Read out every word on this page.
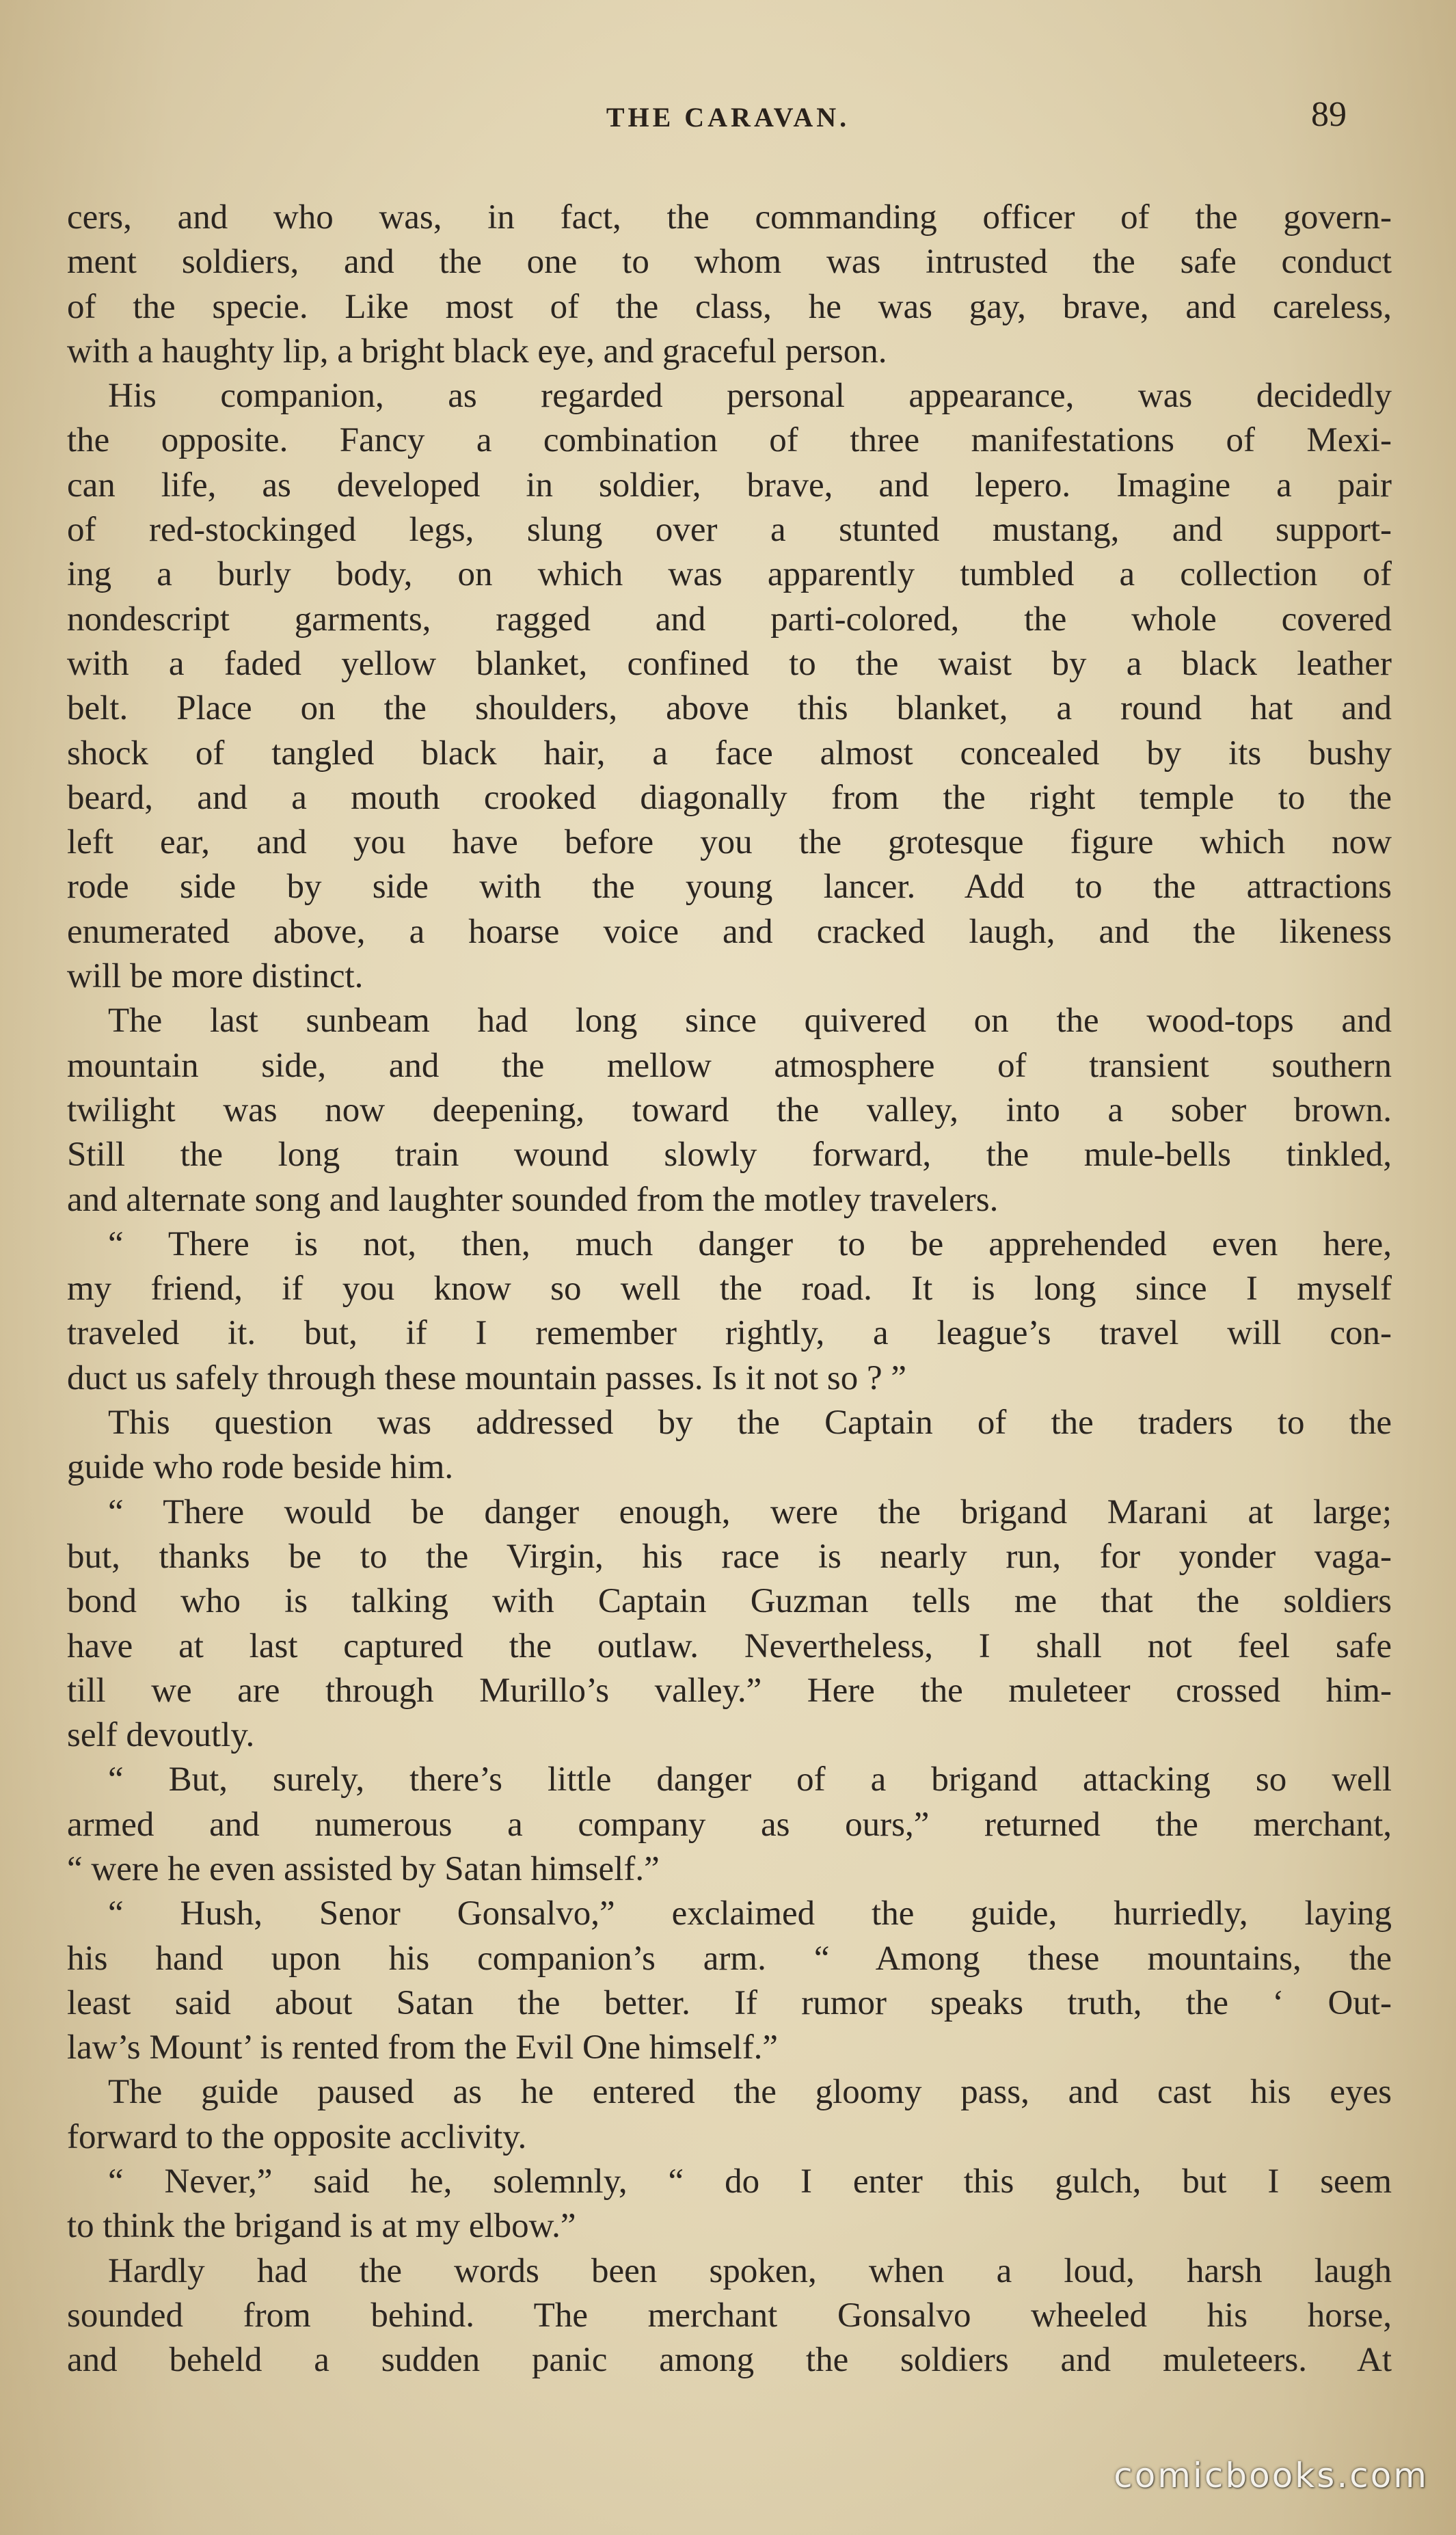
THE CARAVAN.	89
cers, and who was, in fact, the commanding officer of the govern-
ment soldiers, and the one to whom was intrusted the safe conduct
of the specie. Like most of the class, he was gay, brave, and careless,
with a haughty lip, a bright black eye, and graceful person.
His companion, as regarded personal appearance, was decidedly
the opposite. Fancy a combination of three manifestations of Mexi-
can life, as developed in soldier, brave, and lepero. Imagine a pair
of red-stockinged legs, slung over a stunted mustang, and support-
ing a burly body, on which was apparently tumbled a collection of
nondescript garments, ragged and parti-colored, the whole covered
with a faded yellow blanket, confined to the waist by a black leather
belt. Place on the shoulders, above this blanket, a round hat and
shock of tangled black hair, a face almost concealed by its bushy
beard, and a mouth crooked diagonally from the right temple to the
left ear, and you have before you the grotesque figure which now
rode side by side with the young lancer. Add to the attractions
enumerated above, a hoarse voice and cracked laugh, and the likeness
will be more distinct.
The last sunbeam had long since quivered on the wood-tops and
mountain side, and the mellow atmosphere of transient southern
twilight was now deepening, toward the valley, into a sober brown.
Still the long train wound slowly forward, the mule-bells tinkled,
and alternate song and laughter sounded from the motley travelers.
“ There is not, then, much danger to be apprehended even here,
my friend, if you know so well the road. It is long since I myself
traveled it. but, if I remember rightly, a league’s travel will con-
duct us safely through these mountain passes. Is it not so ? ”
This question was addressed by the Captain of the traders to the
guide who rode beside him.
“ There would be danger enough, were the brigand Marani at large;
but, thanks be to the Virgin, his race is nearly run, for yonder vaga-
bond who is talking with Captain Guzman tells me that the soldiers
have at last captured the outlaw. Nevertheless, I shall not feel safe
till we are through Murillo’s valley.” Here the muleteer crossed him-
self devoutly.
“ But, surely, there’s little danger of a brigand attacking so well
armed and numerous a company as ours,” returned the merchant,
“ were he even assisted by Satan himself.”
“ Hush, Senor Gonsalvo,” exclaimed the guide, hurriedly, laying
his hand upon his companion’s arm. “ Among these mountains, the
least said about Satan the better. If rumor speaks truth, the ‘ Out-
law’s Mount’ is rented from the Evil One himself.”
The guide paused as he entered the gloomy pass, and cast his eyes
forward to the opposite acclivity.
“ Never,” said he, solemnly, “ do I enter this gulch, but I seem
to think the brigand is at my elbow.”
Hardly had the words been spoken, when a loud, harsh laugh
sounded from behind. The merchant Gonsalvo wheeled his horse,
and beheld a sudden panic among the soldiers and muleteers. At
comicbooks.com
